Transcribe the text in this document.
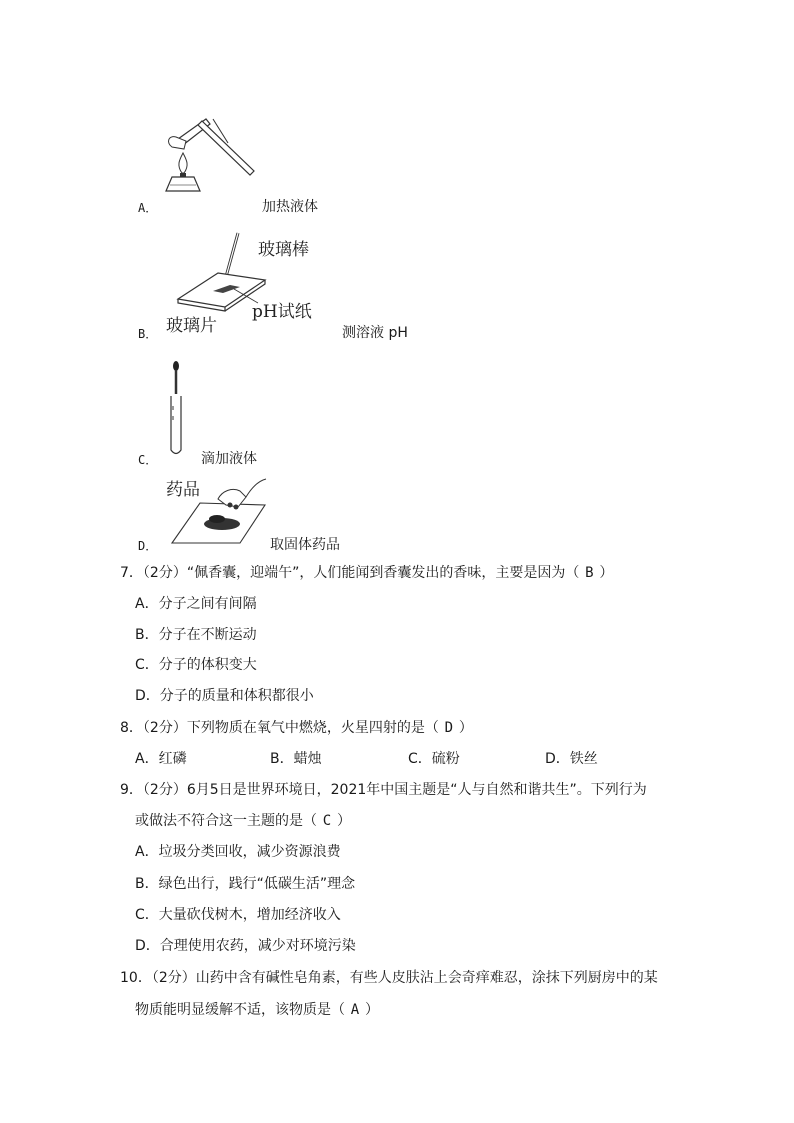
A．	加热液体
玻璃棒
pH试纸
玻璃片
B．	测溶液 pH
C．	滴加液体
药品
D．	取固体药品
7．（2分）“佩香囊，迎端午”，人们能闻到香囊发出的香味，主要是因为（ B ）
A．分子之间有间隔
B．分子在不断运动
C．分子的体积变大
D．分子的质量和体积都很小
8．（2分）下列物质在氧气中燃烧，火星四射的是（ D ）
A．红磷	B．蜡烛	C．硫粉	D．铁丝
9．（2分）6月5日是世界环境日，2021年中国主题是“人与自然和谐共生”。下列行为
或做法不符合这一主题的是（ C ）
A．垃圾分类回收，减少资源浪费
B．绿色出行，践行“低碳生活”理念
C．大量砍伐树木，增加经济收入
D．合理使用农药，减少对环境污染
10．（2分）山药中含有碱性皂角素，有些人皮肤沾上会奇痒难忍，涂抹下列厨房中的某
物质能明显缓解不适，该物质是（ A ）
